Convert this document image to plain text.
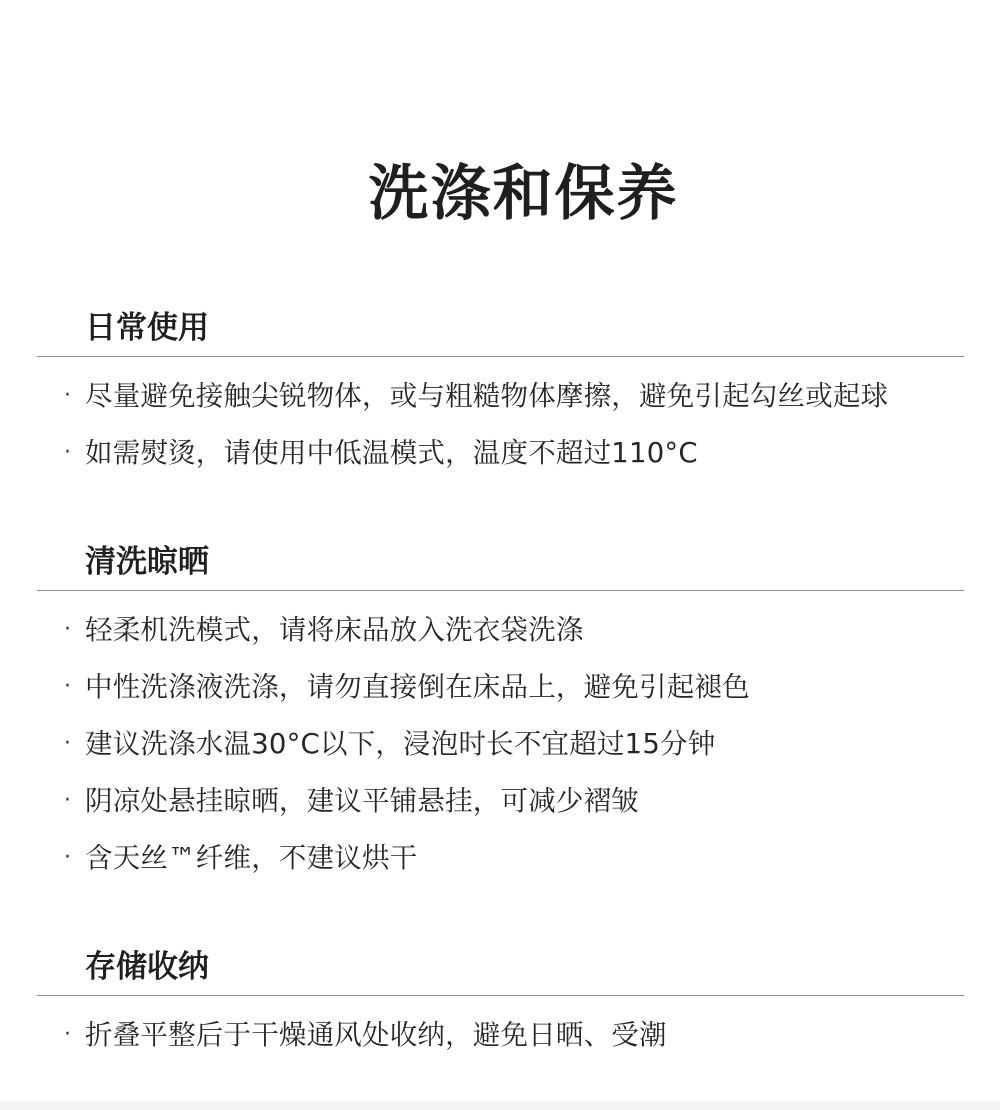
洗涤和保养
日常使用
· 尽量避免接触尖锐物体，或与粗糙物体摩擦，避免引起勾丝或起球
· 如需熨烫，请使用中低温模式，温度不超过110°C
清洗晾晒
· 轻柔机洗模式，请将床品放入洗衣袋洗涤
· 中性洗涤液洗涤，请勿直接倒在床品上，避免引起褪色
· 建议洗涤水温30°C以下，浸泡时长不宜超过15分钟
· 阴凉处悬挂晾晒，建议平铺悬挂，可减少褶皱
· 含天丝™纤维，不建议烘干
存储收纳
· 折叠平整后于干燥通风处收纳，避免日晒、受潮
